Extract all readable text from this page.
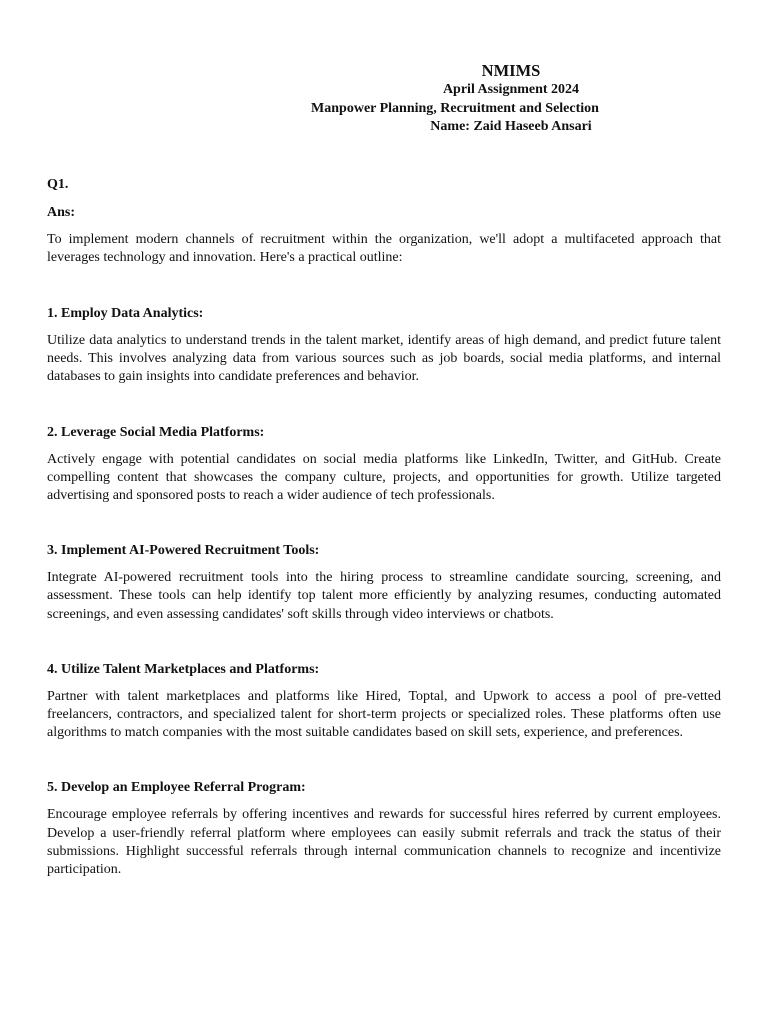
NMIMS
April Assignment 2024
Manpower Planning, Recruitment and Selection
Name: Zaid Haseeb Ansari
Q1.
Ans:

To implement modern channels of recruitment within the organization, we'll adopt a multifaceted approach that leverages technology and innovation. Here's a practical outline:

1. Employ Data Analytics:

Utilize data analytics to understand trends in the talent market, identify areas of high demand, and predict future talent needs. This involves analyzing data from various sources such as job boards, social media platforms, and internal databases to gain insights into candidate preferences and behavior.

2. Leverage Social Media Platforms:

Actively engage with potential candidates on social media platforms like LinkedIn, Twitter, and GitHub. Create compelling content that showcases the company culture, projects, and opportunities for growth. Utilize targeted advertising and sponsored posts to reach a wider audience of tech professionals.

3. Implement AI-Powered Recruitment Tools:

Integrate AI-powered recruitment tools into the hiring process to streamline candidate sourcing, screening, and assessment. These tools can help identify top talent more efficiently by analyzing resumes, conducting automated screenings, and even assessing candidates' soft skills through video interviews or chatbots.

4. Utilize Talent Marketplaces and Platforms:

Partner with talent marketplaces and platforms like Hired, Toptal, and Upwork to access a pool of pre-vetted freelancers, contractors, and specialized talent for short-term projects or specialized roles. These platforms often use algorithms to match companies with the most suitable candidates based on skill sets, experience, and preferences.

5. Develop an Employee Referral Program:

Encourage employee referrals by offering incentives and rewards for successful hires referred by current employees. Develop a user-friendly referral platform where employees can easily submit referrals and track the status of their submissions. Highlight successful referrals through internal communication channels to recognize and incentivize participation.
